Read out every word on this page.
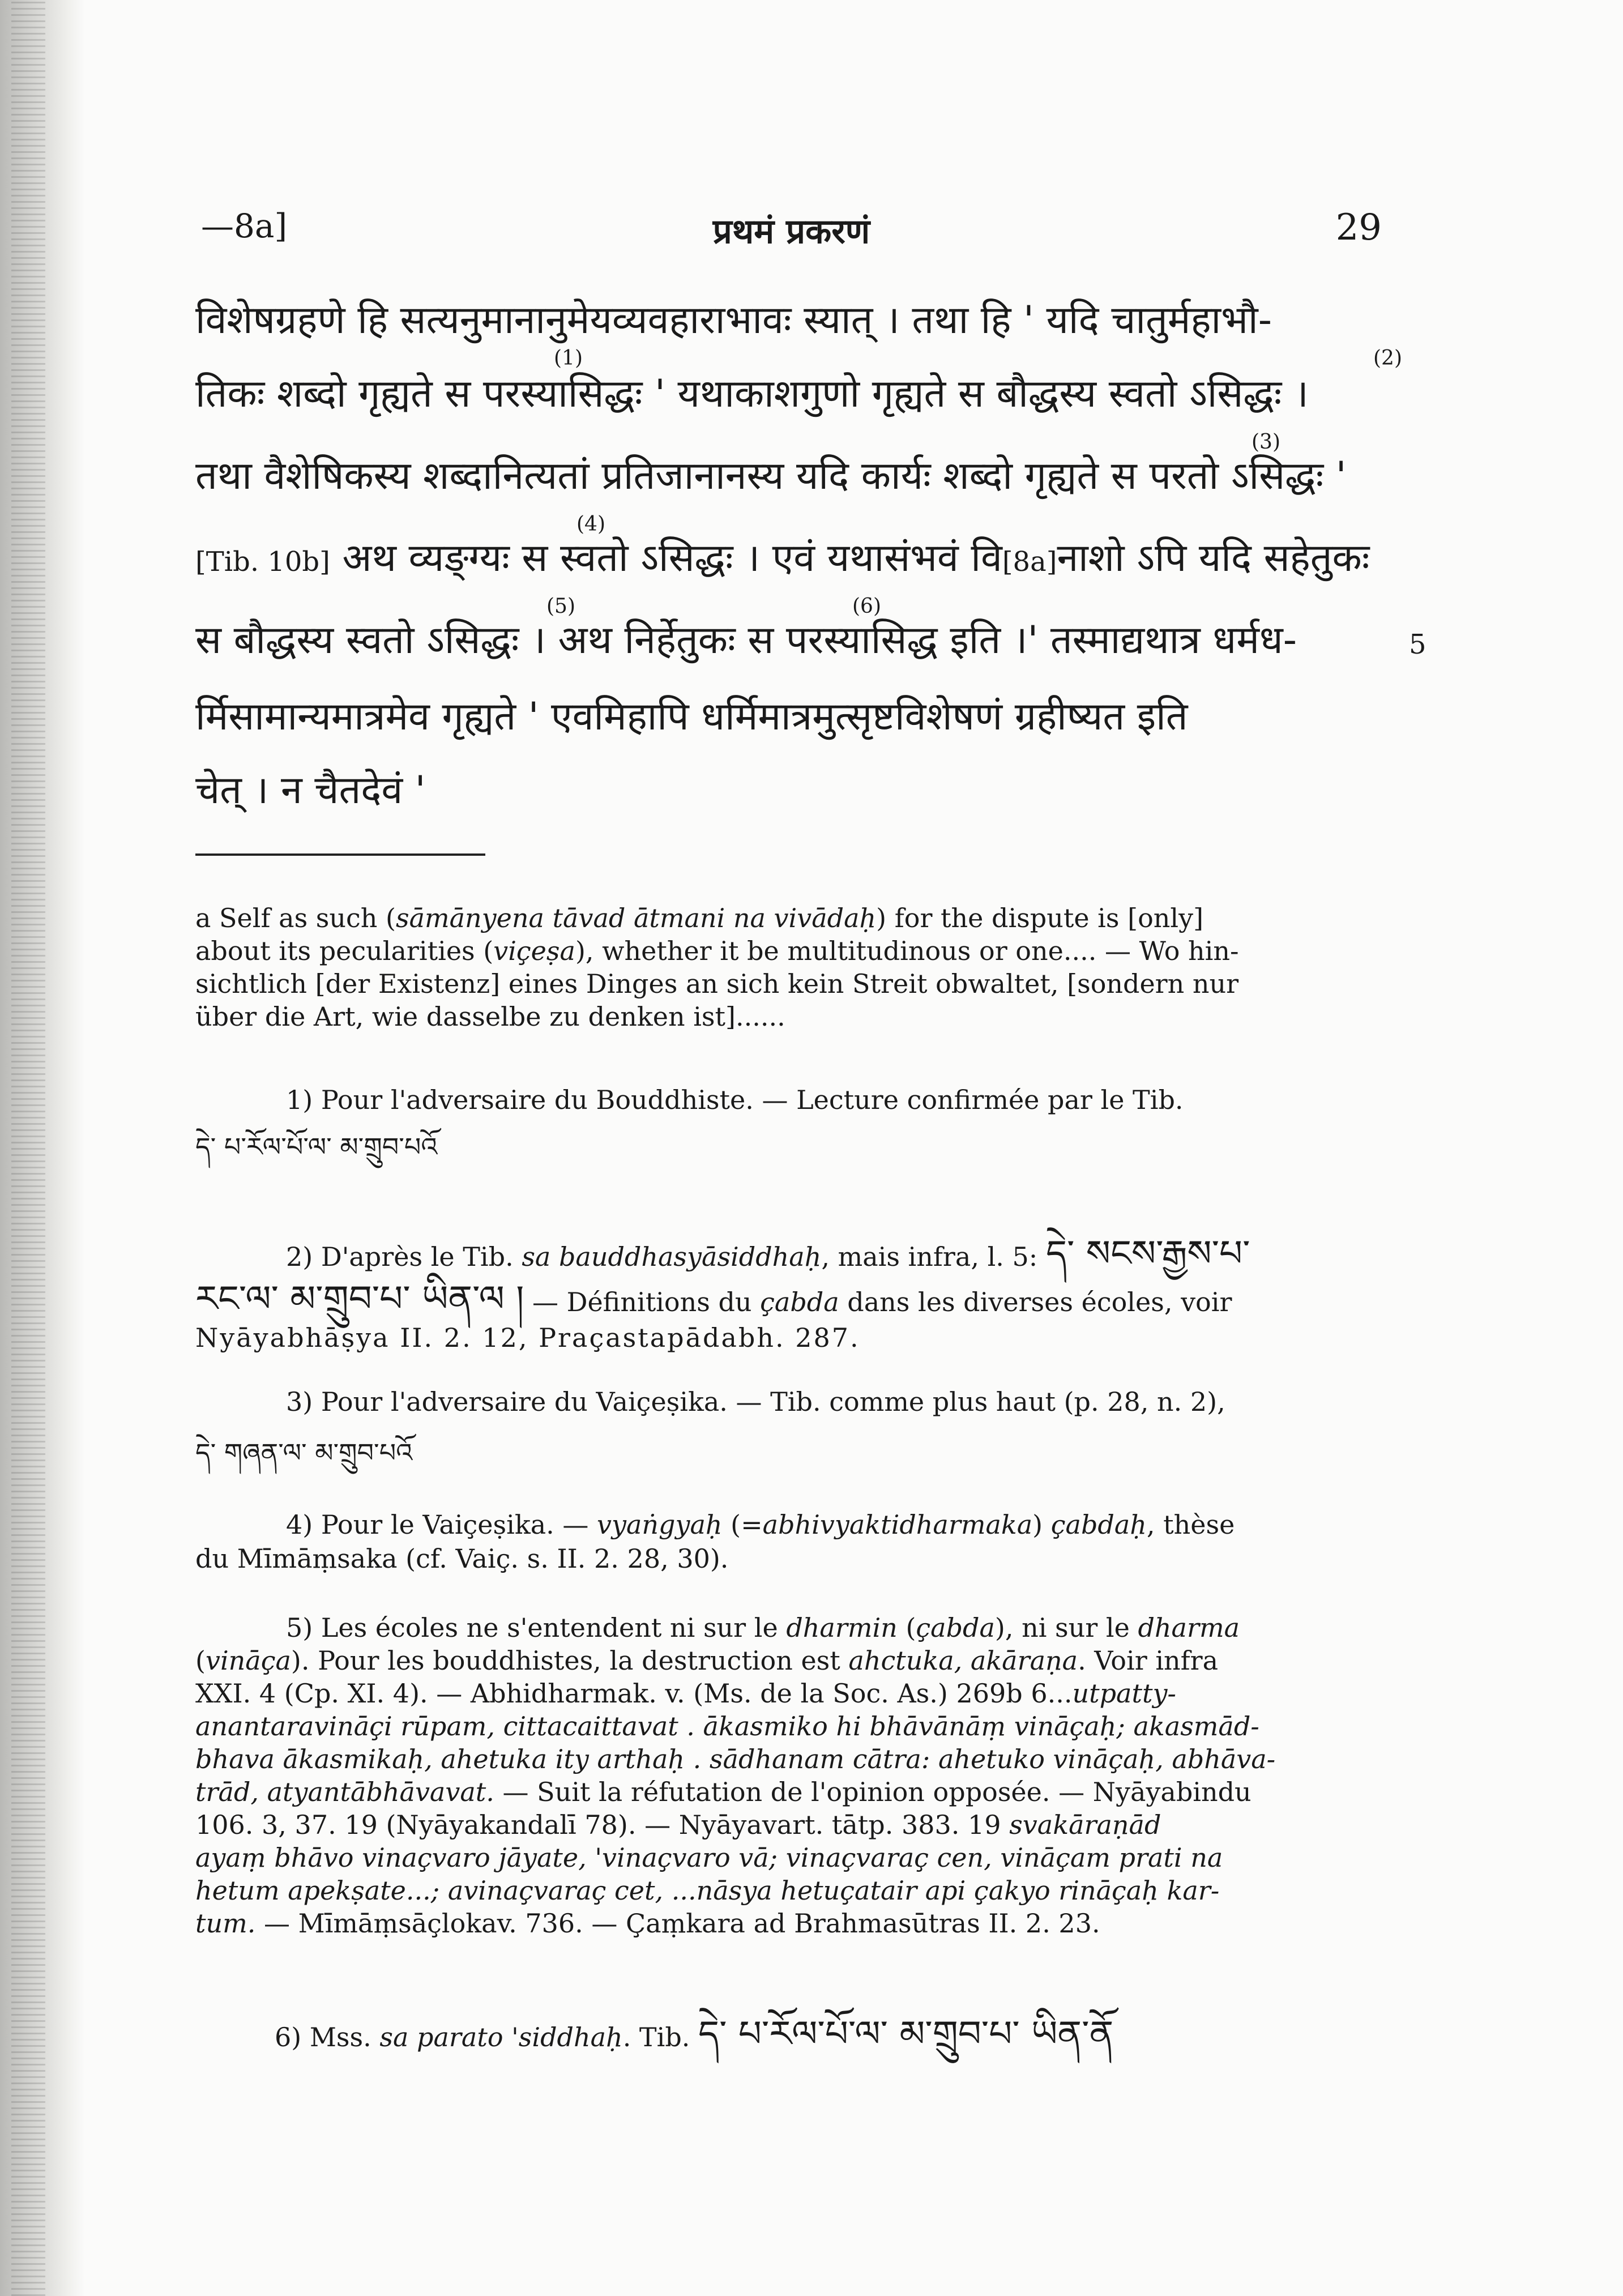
—8a]	प्रथमं प्रकरणं	29
विशेषग्रहणे हि सत्यनुमानानुमेयव्यवहाराभावः स्यात् । तथा हि ' यदि चातुर्महाभौ-
तिकः शब्दो गृह्यते स परस्यासिद्धः ' यथाकाशगुणो गृह्यते स बौद्धस्य स्वतो ऽसिद्धः ।
तथा वैशेषिकस्य शब्दानित्यतां प्रतिजानानस्य यदि कार्यः शब्दो गृह्यते स परतो ऽसिद्धः '
[Tib. 10b] अथ व्यङ्ग्यः स स्वतो ऽसिद्धः । एवं यथासंभवं वि[8a]नाशो ऽपि यदि सहेतुकः
स बौद्धस्य स्वतो ऽसिद्धः । अथ निर्हेतुकः स परस्यासिद्ध इति ।' तस्माद्यथात्र धर्मध-
र्मिसामान्यमात्रमेव गृह्यते ' एवमिहापि धर्मिमात्रमुत्सृष्टविशेषणं ग्रहीष्यत इति
चेत् । न चैतदेवं '
(1)	(2)
(3)
(4)
(5)	(6)
5
a Self as such (sāmānyena tāvad ātmani na vivādaḥ) for the dispute is [only]
about its pecularities (viçeṣa), whether it be multitudinous or one.... — Wo hin-
sichtlich [der Existenz] eines Dinges an sich kein Streit obwaltet, [sondern nur
über die Art, wie dasselbe zu denken ist]......
1) Pour l'adversaire du Bouddhiste. — Lecture confirmée par le Tib.
དེ་ པ་རོལ་པོ་ལ་ མ་གྲུབ་པའོ
2) D'après le Tib. sa bauddhasyāsiddhaḥ, mais infra, l. 5: དེ་ སངས་རྒྱས་པ་
རང་ལ་ མ་གྲུབ་པ་ ཡིན་ལ ། — Définitions du çabda dans les diverses écoles, voir
Nyāyabhāṣya II. 2. 12, Praçastapādabh. 287.
3) Pour l'adversaire du Vaiçeṣika. — Tib. comme plus haut (p. 28, n. 2),
དེ་ གཞན་ལ་ མ་གྲུབ་པའོ
4) Pour le Vaiçeṣika. — vyaṅgyaḥ (=abhivyaktidharmaka) çabdaḥ, thèse
du Mīmāṃsaka (cf. Vaiç. s. II. 2. 28, 30).
5) Les écoles ne s'entendent ni sur le dharmin (çabda), ni sur le dharma
(vināça). Pour les bouddhistes, la destruction est ahctuka, akāraṇa. Voir infra
XXI. 4 (Cp. XI. 4). — Abhidharmak. v. (Ms. de la Soc. As.) 269b 6...utpatty-
anantaravināçi rūpam, cittacaittavat . ākasmiko hi bhāvānāṃ vināçaḥ; akasmād-
bhava ākasmikaḥ, ahetuka ity arthaḥ . sādhanam cātra: ahetuko vināçaḥ, abhāva-
trād, atyantābhāvavat. — Suit la réfutation de l'opinion opposée. — Nyāyabindu
106. 3, 37. 19 (Nyāyakandalī 78). — Nyāyavart. tātp. 383. 19 svakāraṇād
ayaṃ bhāvo vinaçvaro jāyate, 'vinaçvaro vā; vinaçvaraç cen, vināçam prati na
hetum apekṣate...; avinaçvaraç cet, ...nāsya hetuçatair api çakyo rināçaḥ kar-
tum. — Mīmāṃsāçlokav. 736. — Çaṃkara ad Brahmasūtras II. 2. 23.
6) Mss. sa parato 'siddhaḥ. Tib. དེ་ པ་རོལ་པོ་ལ་ མ་གྲུབ་པ་ ཡིན་ནོ
